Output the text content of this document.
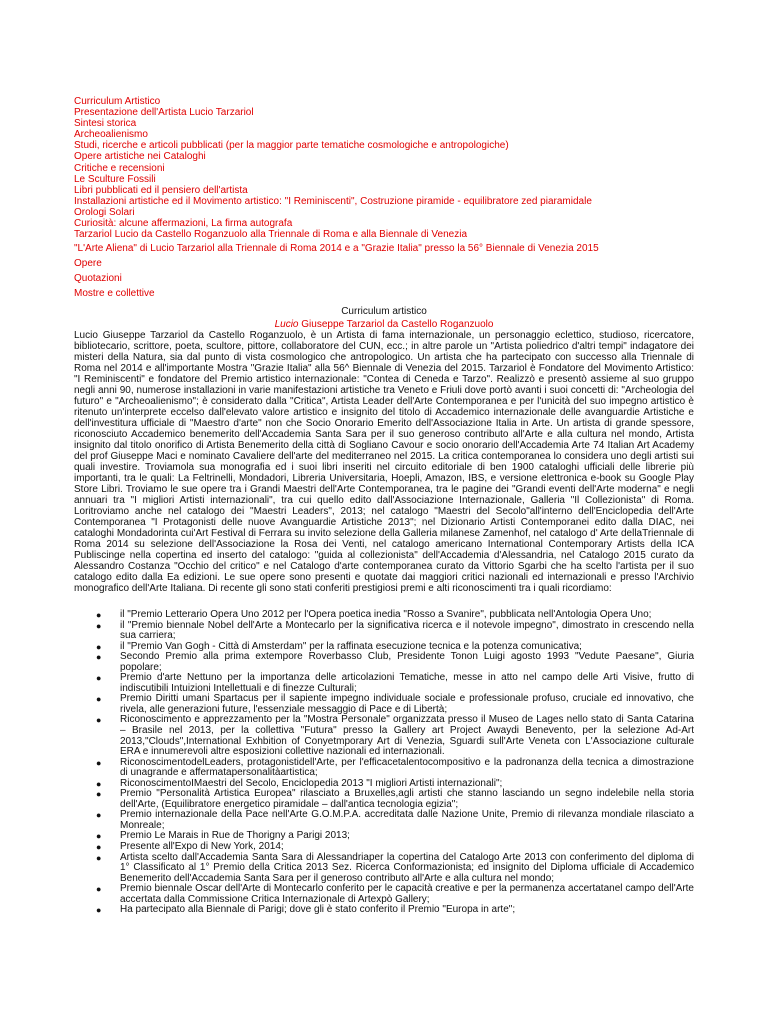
Curriculum Artistico
Presentazione dell'Artista Lucio Tarzariol
Sintesi storica
Archeoalienismo
Studi, ricerche e articoli pubblicati (per la maggior parte tematiche cosmologiche e antropologiche)
Opere artistiche nei Cataloghi
Critiche e recensioni
Le Sculture Fossili
Libri pubblicati ed il pensiero dell'artista
Installazioni artistiche ed il Movimento artistico: "I Reminiscenti", Costruzione piramide - equilibratore zed piaramidale
Orologi Solari
Curiosità: alcune affermazioni, La firma autografa
Tarzariol Lucio da Castello Roganzuolo alla Triennale di Roma e alla Biennale di Venezia
"L'Arte Aliena" di Lucio Tarzariol alla Triennale di Roma 2014 e a "Grazie Italia" presso la 56° Biennale di Venezia 2015
Opere
Quotazioni
Mostre e collettive
Curriculum artistico
Lucio Giuseppe Tarzariol da Castello Roganzuolo

Lucio Giuseppe Tarzariol da Castello Roganzuolo, è un Artista di fama internazionale, un personaggio eclettico, studioso, ricercatore, bibliotecario, scrittore, poeta, scultore, pittore, collaboratore del CUN, ecc.; in altre parole un "Artista poliedrico d'altri tempi" indagatore dei misteri della Natura, sia dal punto di vista cosmologico che antropologico. Un artista che ha partecipato con successo alla Triennale di Roma nel 2014 e all'importante Mostra "Grazie Italia" alla 56^ Biennale di Venezia del 2015. Tarzariol è Fondatore del Movimento Artistico: "I Reminiscenti" e fondatore del Premio artistico internazionale: "Contea di Ceneda e Tarzo". Realizzò e presentò assieme al suo gruppo negli anni 90, numerose installazioni in varie manifestazioni artistiche tra Veneto e Friuli dove portò avanti i suoi concetti di: "Archeologia del futuro" e "Archeoalienismo"; è considerato dalla "Critica", Artista Leader dell'Arte Contemporanea e per l'unicità del suo impegno artistico è ritenuto un'interprete eccelso dall'elevato valore artistico e insignito del titolo di Accademico internazionale delle avanguardie Artistiche e dell'investitura ufficiale di "Maestro d'arte" non che Socio Onorario Emerito dell'Associazione Italia in Arte. Un artista di grande spessore, riconosciuto Accademico benemerito dell'Accademia Santa Sara per il suo generoso contributo all'Arte e alla cultura nel mondo, Artista insignito dal titolo onorifico di Artista Benemerito della città di Sogliano Cavour e socio onorario dell'Accademia Arte 74 Italian Art Academy del prof Giuseppe Maci e nominato Cavaliere dell'arte del mediterraneo nel 2015. La critica contemporanea lo considera uno degli artisti sui quali investire. Troviamola sua monografia ed i suoi libri inseriti nel circuito editoriale di ben 1900 cataloghi ufficiali delle librerie più importanti, tra le quali: La Feltrinelli, Mondadori, Libreria Universitaria, Hoepli, Amazon, IBS, e versione elettronica e-book su Google Play Store Libri. Troviamo le sue opere tra i Grandi Maestri dell'Arte Contemporanea, tra le pagine dei "Grandi eventi dell'Arte moderna" e negli annuari tra "I migliori Artisti internazionali", tra cui quello edito dall'Associazione Internazionale, Galleria "Il Collezionista" di Roma. Loritroviamo anche nel catalogo dei "Maestri Leaders", 2013; nel catalogo "Maestri del Secolo"all'interno dell'Enciclopedia dell'Arte Contemporanea "I Protagonisti delle nuove Avanguardie Artistiche 2013"; nel Dizionario Artisti Contemporanei edito dalla DIAC, nei cataloghi Mondadorinta cui'Art Festival di Ferrara su invito selezione della Galleria milanese Zamenhof, nel catalogo d' Arte dellaTriennale di Roma 2014 su selezione dell'Associazione la Rosa dei Venti, nel catalogo americano International Contemporary Artists della ICA Publiscinge nella copertina ed inserto del catalogo: "guida al collezionista" dell'Accademia d'Alessandria, nel Catalogo 2015 curato da Alessandro Costanza "Occhio del critico" e nel Catalogo d'arte contemporanea curato da Vittorio Sgarbi che ha scelto l'artista per il suo catalogo edito dalla Ea edizioni. Le sue opere sono presenti e quotate dai maggiori critici nazionali ed internazionali e presso l'Archivio monografico dell'Arte Italiana. Di recente gli sono stati conferiti prestigiosi premi e alti riconoscimenti tra i quali ricordiamo:

● il "Premio Letterario Opera Uno 2012 per l'Opera poetica inedia "Rosso a Svanire", pubblicata nell'Antologia Opera Uno;
● il "Premio biennale Nobel dell'Arte a Montecarlo per la significativa ricerca e il notevole impegno", dimostrato in crescendo nella sua carriera;
● il "Premio Van Gogh - Città di Amsterdam" per la raffinata esecuzione tecnica e la potenza comunicativa;
● Secondo Premio alla prima extempore Roverbasso Club, Presidente Tonon Luigi agosto 1993 "Vedute Paesane", Giuria popolare;
● Premio d'arte Nettuno per la importanza delle articolazioni Tematiche, messe in atto nel campo delle Arti Visive, frutto di indiscutibili Intuizioni Intellettuali e di finezze Culturali;
● Premio Diritti umani Spartacus per il sapiente impegno individuale sociale e professionale profuso, cruciale ed innovativo, che rivela, alle generazioni future, l'essenziale messaggio di Pace e di Libertà;
● Riconoscimento e apprezzamento per la "Mostra Personale" organizzata presso il Museo de Lages nello stato di Santa Catarina – Brasile nel 2013, per la collettiva "Futura" presso la Gallery art Project Awaydi Benevento, per la selezione Ad-Art 2013,"Clouds",International Exhbition of Conyetmporary Art di Venezia, Sguardi sull'Arte Veneta con L'Associazione culturale ERA e innumerevoli altre esposizioni collettive nazionali ed internazionali.
● RiconoscimentodelLeaders, protagonistidell'Arte, per l'efficacetalentocompositivo e la padronanza della tecnica a dimostrazione di unagrande e affermatapersonalitàartistica;
● RiconoscimentoIMaestri del Secolo, Enciclopedia 2013 "I migliori Artisti internazionali";
● Premio "Personalità Artistica Europea" rilasciato a Bruxelles,agli artisti che stanno lasciando un segno indelebile nella storia dell'Arte, (Equilibratore energetico piramidale – dall'antica tecnologia egizia";
● Premio internazionale della Pace nell'Arte G.O.M.P.A. accreditata dalle Nazione Unite, Premio di rilevanza mondiale rilasciato a Monreale;
● Premio Le Marais in Rue de Thorigny a Parigi 2013;
● Presente all'Expo di New York, 2014;
● Artista scelto dall'Accademia Santa Sara di Alessandriaper la copertina del Catalogo Arte 2013 con conferimento del diploma di 1° Classificato al 1° Premio della Critica 2013 Sez. Ricerca Conformazionista; ed insignito del Diploma ufficiale di Accademico Benemerito dell'Accademia Santa Sara per il generoso contributo all'Arte e alla cultura nel mondo;
● Premio biennale Oscar dell'Arte di Montecarlo conferito per le capacità creative e per la permanenza accertatanel campo dell'Arte accertata dalla Commissione Critica Internazionale di Artexpò Gallery;
● Ha partecipato alla Biennale di Parigi; dove gli è stato conferito il Premio "Europa in arte";
